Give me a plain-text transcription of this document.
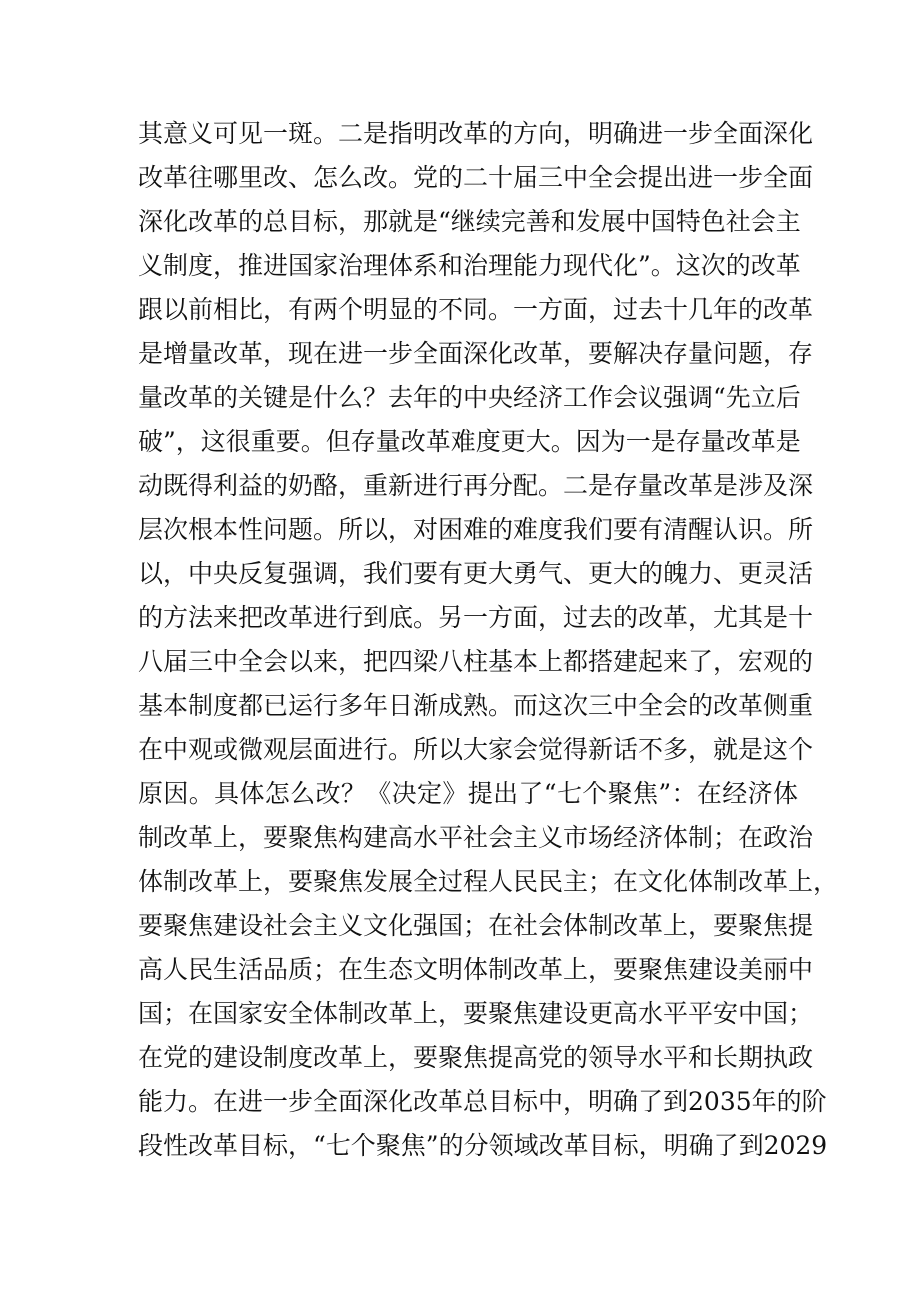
其意义可见一斑。二是指明改革的方向，明确进一步全面深化
改革往哪里改、怎么改。党的二十届三中全会提出进一步全面
深化改革的总目标，那就是“继续完善和发展中国特色社会主
义制度，推进国家治理体系和治理能力现代化”。这次的改革
跟以前相比，有两个明显的不同。一方面，过去十几年的改革
是增量改革，现在进一步全面深化改革，要解决存量问题，存
量改革的关键是什么？去年的中央经济工作会议强调“先立后
破”，这很重要。但存量改革难度更大。因为一是存量改革是
动既得利益的奶酪，重新进行再分配。二是存量改革是涉及深
层次根本性问题。所以，对困难的难度我们要有清醒认识。所
以，中央反复强调，我们要有更大勇气、更大的魄力、更灵活
的方法来把改革进行到底。另一方面，过去的改革，尤其是十
八届三中全会以来，把四梁八柱基本上都搭建起来了，宏观的
基本制度都已运行多年日渐成熟。而这次三中全会的改革侧重
在中观或微观层面进行。所以大家会觉得新话不多，就是这个
原因。具体怎么改？《决定》提出了“七个聚焦”：在经济体
制改革上，要聚焦构建高水平社会主义市场经济体制；在政治
体制改革上，要聚焦发展全过程人民民主；在文化体制改革上，
要聚焦建设社会主义文化强国；在社会体制改革上，要聚焦提
高人民生活品质；在生态文明体制改革上，要聚焦建设美丽中
国；在国家安全体制改革上，要聚焦建设更高水平平安中国；
在党的建设制度改革上，要聚焦提高党的领导水平和长期执政
能力。在进一步全面深化改革总目标中，明确了到2035年的阶
段性改革目标，“七个聚焦”的分领域改革目标，明确了到2029
